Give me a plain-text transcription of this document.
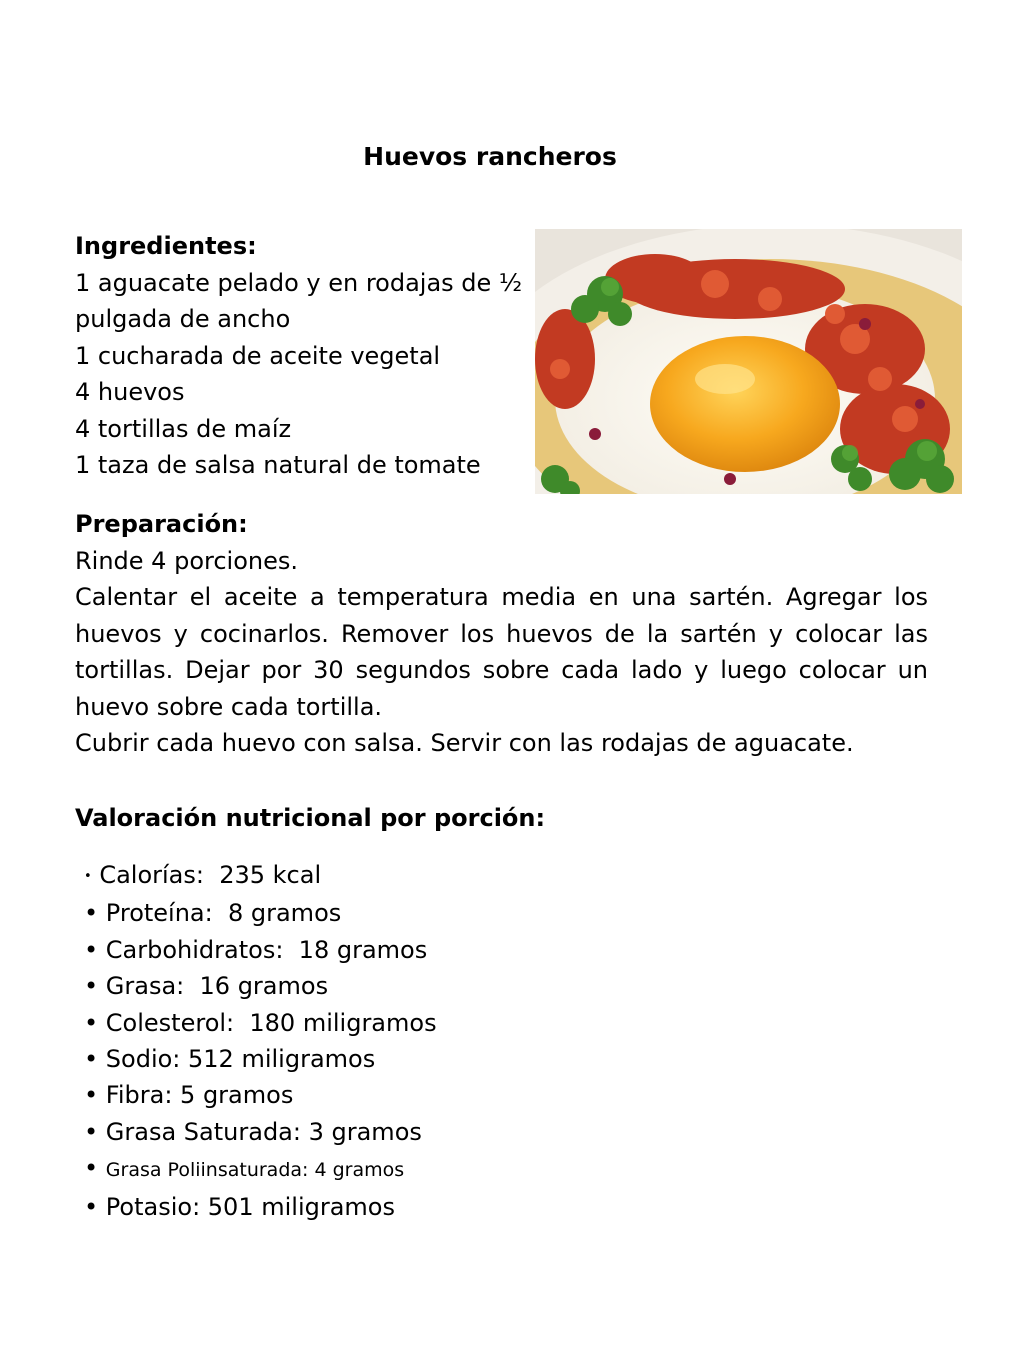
Huevos rancheros
Ingredientes:
1 aguacate pelado y en rodajas de ½
pulgada de ancho
1 cucharada de aceite vegetal
4 huevos
4 tortillas de maíz
1 taza de salsa natural de tomate
Preparación:
Rinde 4 porciones.
Calentar el aceite a temperatura media en una sartén. Agregar los huevos y cocinarlos. Remover los huevos de la sartén y colocar las tortillas. Dejar por 30 segundos sobre cada lado y luego colocar un huevo sobre cada tortilla.
Cubrir cada huevo con salsa. Servir con las rodajas de aguacate.
Valoración nutricional por porción:
• Calorías:  235 kcal
• Proteína:  8 gramos
• Carbohidratos:  18 gramos
• Grasa:  16 gramos
• Colesterol:  180 miligramos
• Sodio: 512 miligramos
• Fibra: 5 gramos
• Grasa Saturada: 3 gramos
• Grasa Poliinsaturada: 4 gramos
• Potasio: 501 miligramos
